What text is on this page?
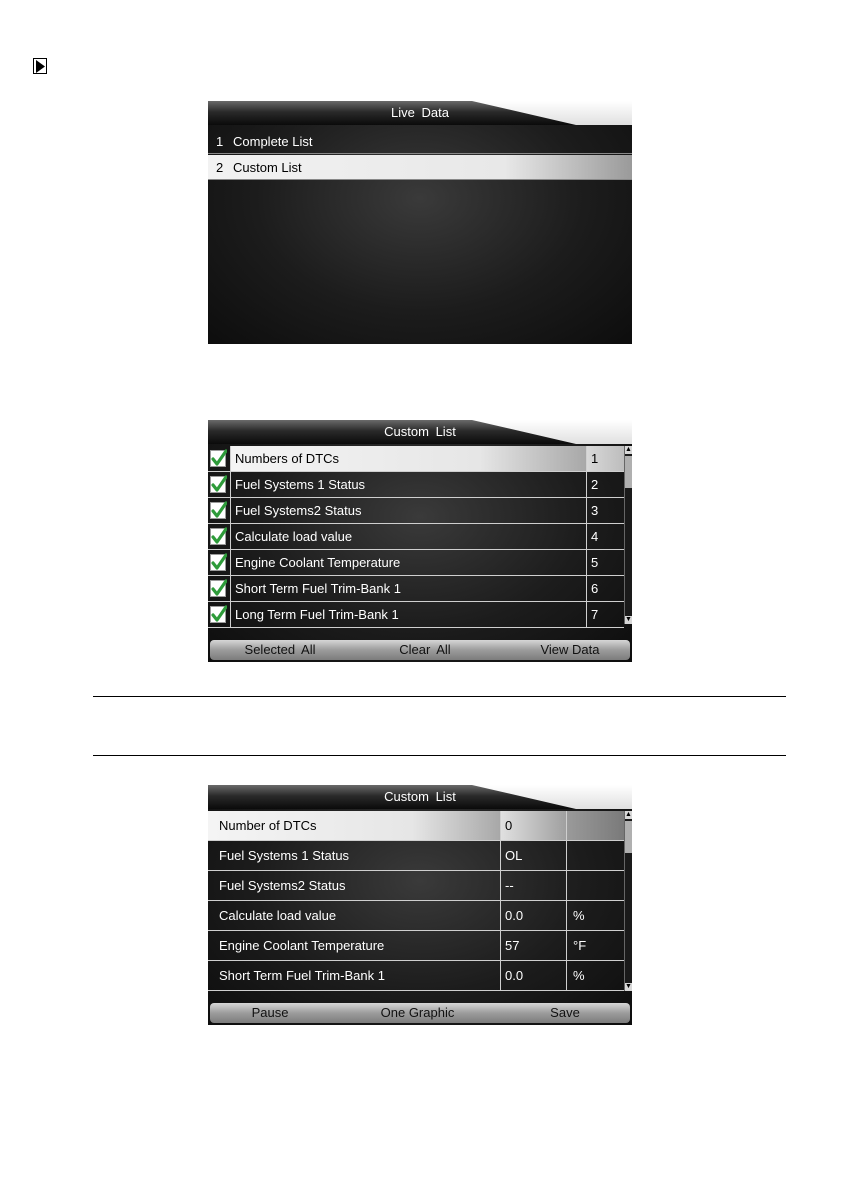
Live Data
1 Complete List
2 Custom List
Custom List
Numbers of DTCs	1
Fuel Systems 1 Status	2
Fuel Systems2 Status	3
Calculate load value	4
Engine Coolant Temperature	5
Short Term Fuel Trim-Bank 1	6
Long Term Fuel Trim-Bank 1	7
▲
▼
Selected All	Clear All	View Data
Custom List
Number of DTCs	0
Fuel Systems 1 Status	OL
Fuel Systems2 Status	--
Calculate load value	0.0	%
Engine Coolant Temperature	57	°F
Short Term Fuel Trim-Bank 1	0.0	%
▲
▼
Pause	One Graphic	Save
